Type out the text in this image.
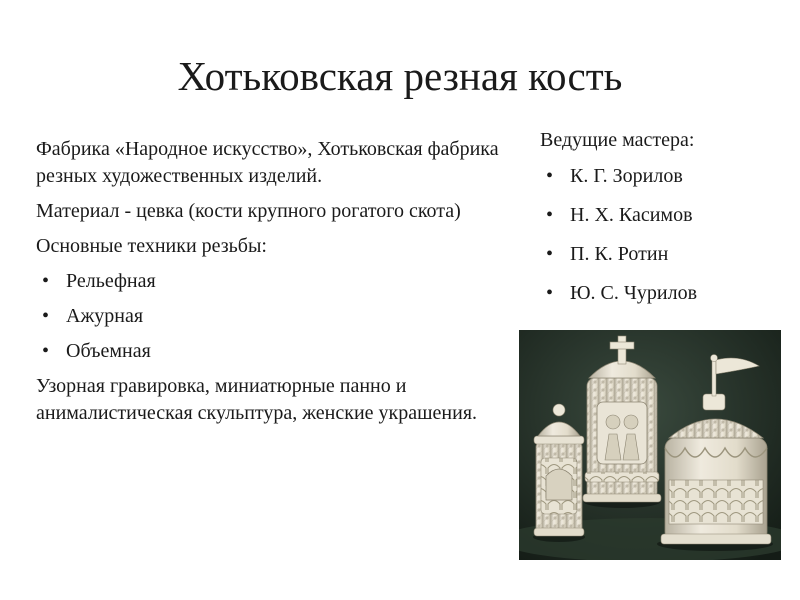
Хотьковская резная кость

Фабрика «Народное искусство», Хотьковская фабрика резных художественных изделий.

Материал - цевка (кости крупного рогатого скота)

Основные техники резьбы:

• Рельефная
• Ажурная
• Объемная

Узорная гравировка, миниатюрные панно и анималистическая скульптура, женские украшения.

Ведущие мастера:

• К. Г. Зорилов
• Н. Х. Касимов
• П. К. Ротин
• Ю. С. Чурилов
